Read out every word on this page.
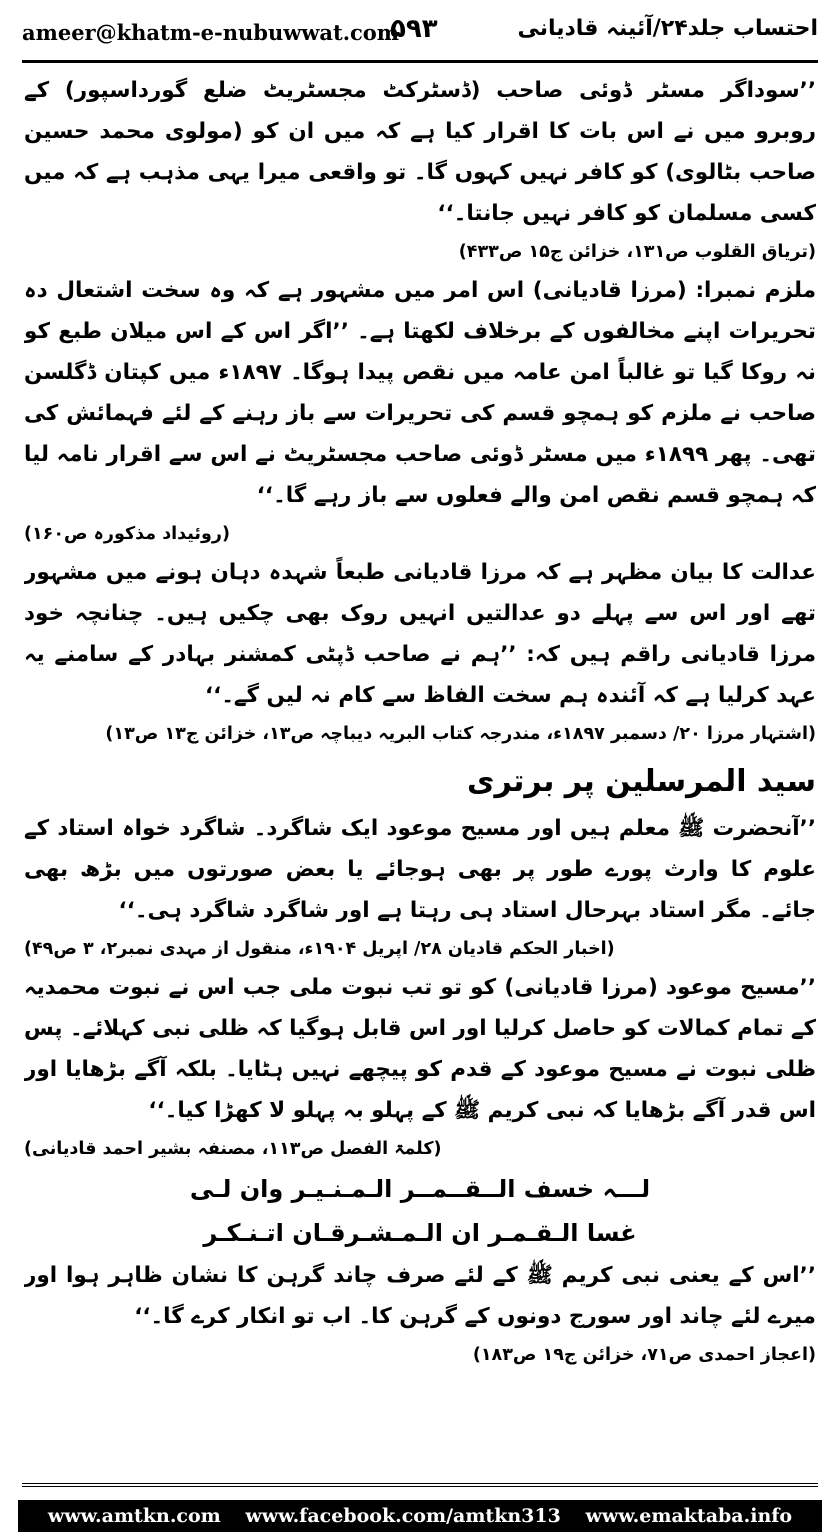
ameer@khatm-e-nubuwwat.com
۵۹۳	احتساب جلد۲۴/آئینہ قادیانی

’’سوداگر مسٹر ڈوئی صاحب (ڈسٹرکٹ مجسٹریٹ ضلع گورداسپور) کے روبرو میں نے اس بات کا اقرار کیا ہے کہ میں ان کو (مولوی محمد حسین صاحب بٹالوی) کو کافر نہیں کہوں گا۔ تو واقعی میرا یہی مذہب ہے کہ میں کسی مسلمان کو کافر نہیں جانتا۔‘‘

(تریاق القلوب ص۱۳۱، خزائن ج۱۵ ص۴۳۳)

ملزم نمبرا: (مرزا قادیانی) اس امر میں مشہور ہے کہ وہ سخت اشتعال دہ تحریرات اپنے مخالفوں کے برخلاف لکھتا ہے۔ ’’اگر اس کے اس میلان طبع کو نہ روکا گیا تو غالباً امن عامہ میں نقص پیدا ہوگا۔ ۱۸۹۷ء میں کپتان ڈگلسن صاحب نے ملزم کو ہمچو قسم کی تحریرات سے باز رہنے کے لئے فہمائش کی تھی۔ پھر ۱۸۹۹ء میں مسٹر ڈوئی صاحب مجسٹریٹ نے اس سے اقرار نامہ لیا کہ ہمچو قسم نقص امن والے فعلوں سے باز رہے گا۔‘‘

(روئیداد مذکورہ ص۱۶۰)

عدالت کا بیان مظہر ہے کہ مرزا قادیانی طبعاً شہدہ دہان ہونے میں مشہور تھے اور اس سے پہلے دو عدالتیں انہیں روک بھی چکیں ہیں۔ چنانچہ خود مرزا قادیانی راقم ہیں کہ: ’’ہم نے صاحب ڈپٹی کمشنر بہادر کے سامنے یہ عہد کرلیا ہے کہ آئندہ ہم سخت الفاظ سے کام نہ لیں گے۔‘‘

(اشتہار مرزا ۲۰/ دسمبر ۱۸۹۷ء، مندرجہ کتاب البریہ دیباچہ ص۱۳، خزائن ج۱۳ ص۱۳)

سید المرسلین پر برتری

’’آنحضرت ﷺ معلم ہیں اور مسیح موعود ایک شاگرد۔ شاگرد خواہ استاد کے علوم کا وارث پورے طور پر بھی ہوجائے یا بعض صورتوں میں بڑھ بھی جائے۔ مگر استاد بہرحال استاد ہی رہتا ہے اور شاگرد شاگرد ہی۔‘‘

(اخبار الحکم قادیان ۲۸/ اپریل ۱۹۰۴ء، منقول از مہدی نمبر۲، ۳ ص۴۹)

’’مسیح موعود (مرزا قادیانی) کو تو تب نبوت ملی جب اس نے نبوت محمدیہ کے تمام کمالات کو حاصل کرلیا اور اس قابل ہوگیا کہ ظلی نبی کہلائے۔ پس ظلی نبوت نے مسیح موعود کے قدم کو پیچھے نہیں ہٹایا۔ بلکہ آگے بڑھایا اور اس قدر آگے بڑھایا کہ نبی کریم ﷺ کے پہلو بہ پہلو لا کھڑا کیا۔‘‘

(کلمۃ الفصل ص۱۱۳، مصنفہ بشیر احمد قادیانی)

لـــہ خسف الــقــمــر الـمـنـیـر وان لـی

غسا الـقـمـر ان الـمـشـرقـان اتـنـكـر

’’اس کے یعنی نبی کریم ﷺ کے لئے صرف چاند گرہن کا نشان ظاہر ہوا اور میرے لئے چاند اور سورج دونوں کے گرہن کا۔ اب تو انکار کرے گا۔‘‘

(اعجاز احمدی ص۷۱، خزائن ج۱۹ ص۱۸۳)

www.amtkn.com www.facebook.com/amtkn313 www.emaktaba.info
